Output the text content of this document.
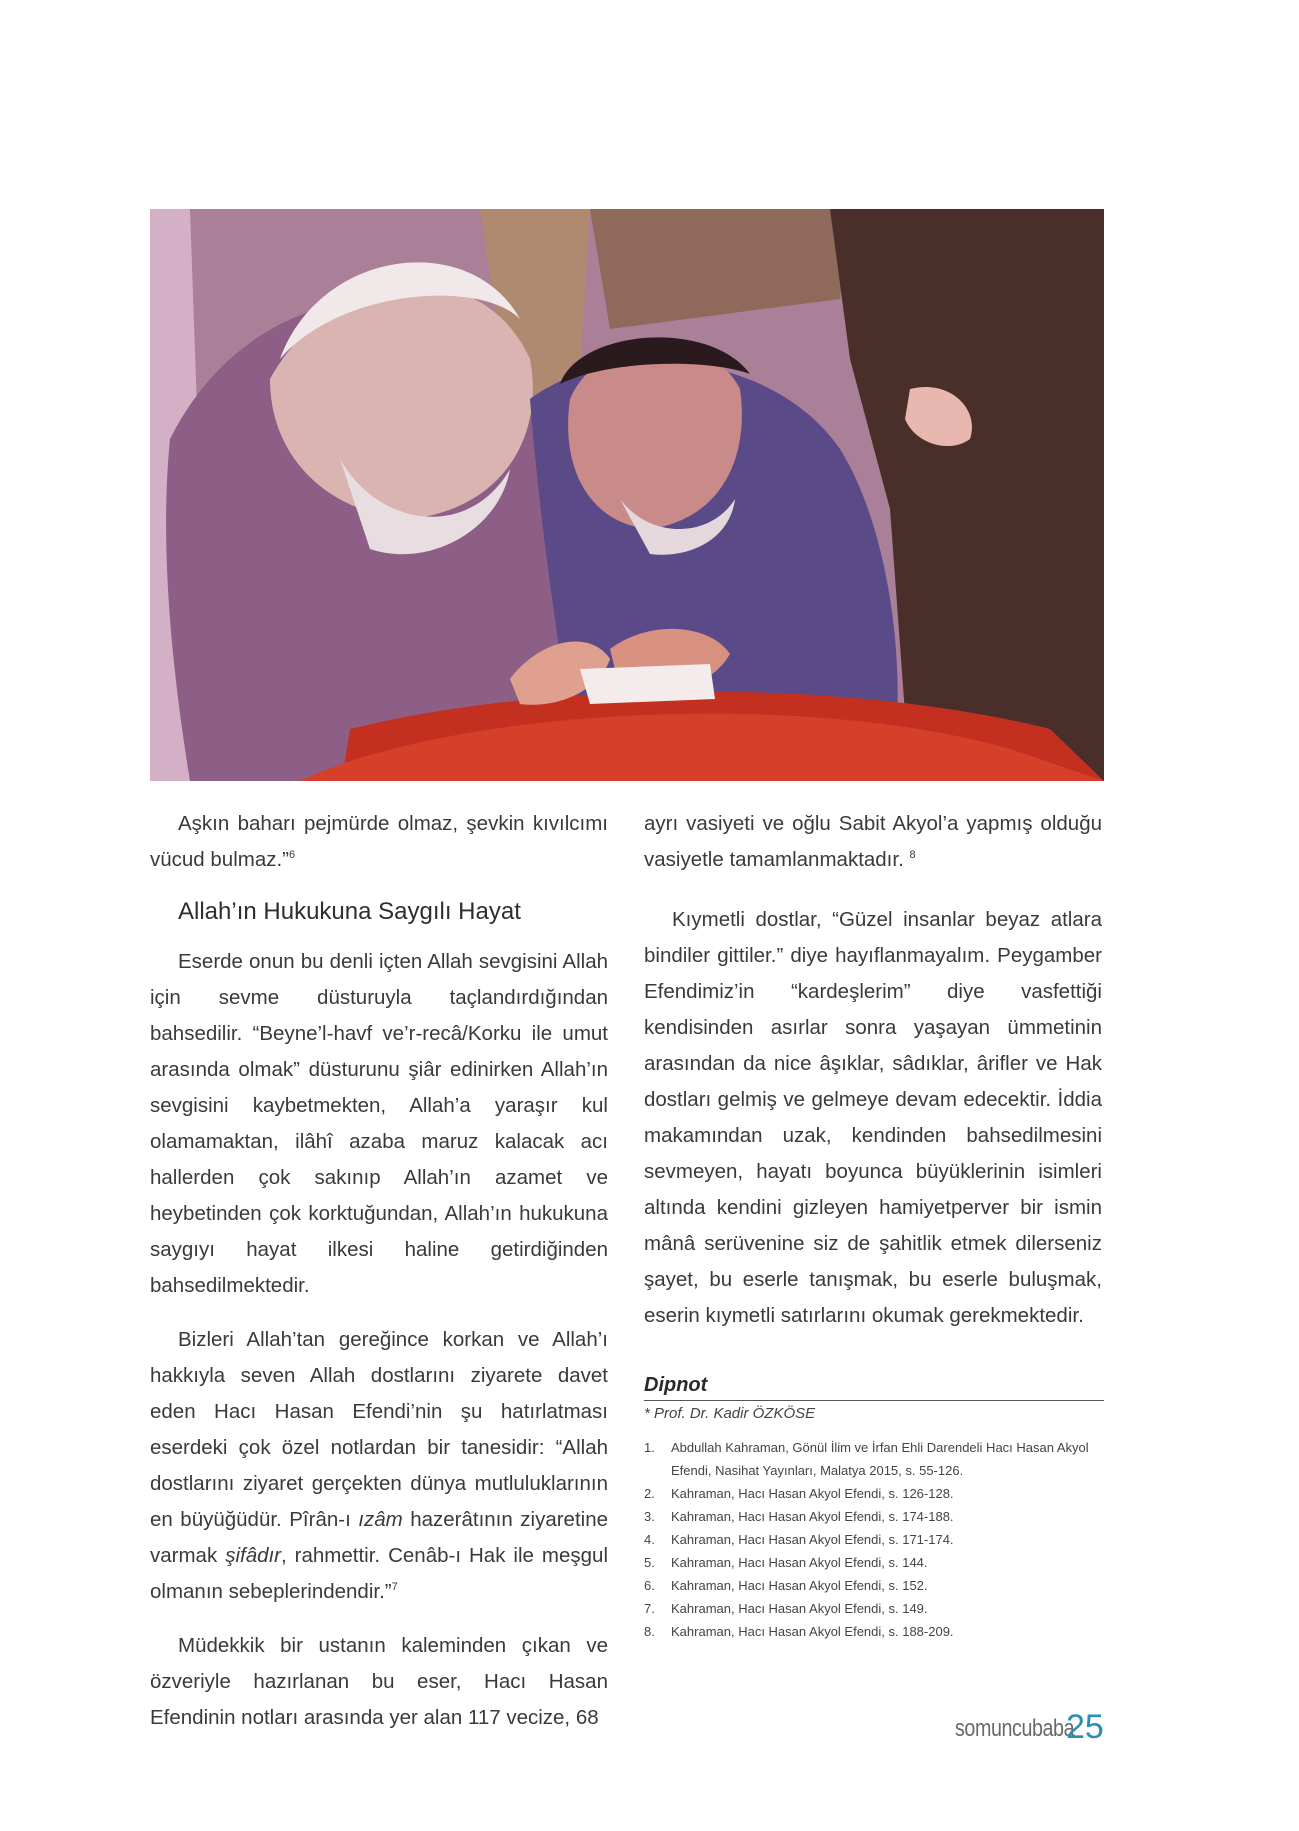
Aşkın baharı pejmürde olmaz, şevkin kıvılcımı vücud bulmaz.”$^6$

Allah’ın Hukukuna Saygılı Hayat

Eserde onun bu denli içten Allah sevgisini Allah için sevme düsturuyla taçlandırdığından bahsedilir. “Beyne’l-havf ve’r-recâ/Korku ile umut arasında olmak” düsturunu şiâr edinirken Allah’ın sevgisini kaybetmekten, Allah’a yaraşır kul olamamaktan, ilâhî azaba maruz kalacak acı hallerden çok sakınıp Allah’ın azamet ve heybetinden çok korktuğundan, Allah’ın hukukuna saygıyı hayat ilkesi haline getirdiğinden bahsedilmektedir.

Bizleri Allah’tan gereğince korkan ve Allah’ı hakkıyla seven Allah dostlarını ziyarete davet eden Hacı Hasan Efendi’nin şu hatırlatması eserdeki çok özel notlardan bir tanesidir: “Allah dostlarını ziyaret gerçekten dünya mutluluklarının en büyüğüdür. Pîrân-ı ızâm hazerâtının ziyaretine varmak şifâdır, rahmettir. Cenâb-ı Hak ile meşgul olmanın sebeplerindendir.”$^7$

Müdekkik bir ustanın kaleminden çıkan ve özveriyle hazırlanan bu eser, Hacı Hasan Efendinin notları arasında yer alan 117 vecize, 68

ayrı vasiyeti ve oğlu Sabit Akyol’a yapmış olduğu vasiyetle tamamlanmaktadır. $^8$

Kıymetli dostlar, “Güzel insanlar beyaz atlara bindiler gittiler.” diye hayıflanmayalım. Peygamber Efendimiz’in “kardeşlerim” diye vasfettiği kendisinden asırlar sonra yaşayan ümmetinin arasından da nice âşıklar, sâdıklar, ârifler ve Hak dostları gelmiş ve gelmeye devam edecektir. İddia makamından uzak, kendinden bahsedilmesini sevmeyen, hayatı boyunca büyüklerinin isimleri altında kendini gizleyen hamiyetperver bir ismin mânâ serüvenine siz de şahitlik etmek dilerseniz şayet, bu eserle tanışmak, bu eserle buluşmak, eserin kıymetli satırlarını okumak gerekmektedir.

Dipnot
* Prof. Dr. Kadir ÖZKÖSE
1.	Abdullah Kahraman, Gönül İlim ve İrfan Ehli Darendeli Hacı Hasan Akyol Efendi, Nasihat Yayınları, Malatya 2015, s. 55-126.
2.	Kahraman, Hacı Hasan Akyol Efendi, s. 126-128.
3.	Kahraman, Hacı Hasan Akyol Efendi, s. 174-188.
4.	Kahraman, Hacı Hasan Akyol Efendi, s. 171-174.
5.	Kahraman, Hacı Hasan Akyol Efendi, s. 144.
6.	Kahraman, Hacı Hasan Akyol Efendi, s. 152.
7.	Kahraman, Hacı Hasan Akyol Efendi, s. 149.
8.	Kahraman, Hacı Hasan Akyol Efendi, s. 188-209.
somuncubaba
25
